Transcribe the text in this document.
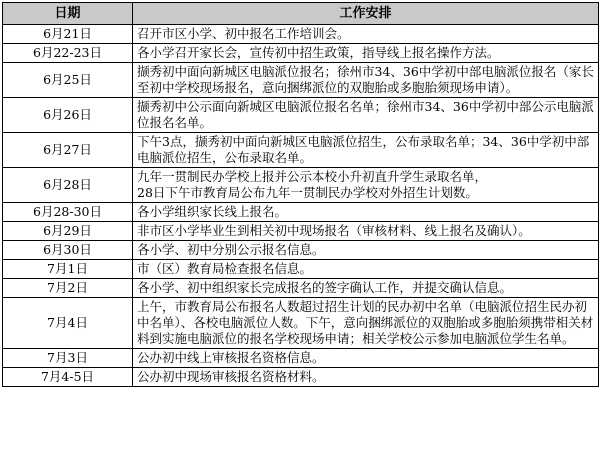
日期	工作安排
6月21日	召开市区小学、初中报名工作培训会。
6月22-23日	各小学召开家长会，宣传初中招生政策，指导线上报名操作方法。
6月25日	撷秀初中面向新城区电脑派位报名；徐州市34、36中学初中部电脑派位报名（家长至初中学校现场报名，意向捆绑派位的双胞胎或多胞胎须现场申请）。
6月26日	撷秀初中公示面向新城区电脑派位报名名单；徐州市34、36中学初中部公示电脑派位报名名单。
6月27日	下午3点，撷秀初中面向新城区电脑派位招生，公布录取名单；34、36中学初中部电脑派位招生，公布录取名单。
6月28日	九年一贯制民办学校上报并公示本校小升初直升学生录取名单，
28日下午市教育局公布九年一贯制民办学校对外招生计划数。
6月28-30日	各小学组织家长线上报名。
6月29日	非市区小学毕业生到相关初中现场报名（审核材料、线上报名及确认）。
6月30日	各小学、初中分别公示报名信息。
7月1日	市（区）教育局检查报名信息。
7月2日	各小学、初中组织家长完成报名的签字确认工作，并提交确认信息。
7月4日	上午，市教育局公布报名人数超过招生计划的民办初中名单（电脑派位招生民办初中名单）、各校电脑派位人数。下午，意向捆绑派位的双胞胎或多胞胎须携带相关材料到实施电脑派位的报名学校现场申请；相关学校公示参加电脑派位学生名单。
7月3日	公办初中线上审核报名资格信息。
7月4-5日	公办初中现场审核报名资格材料。
